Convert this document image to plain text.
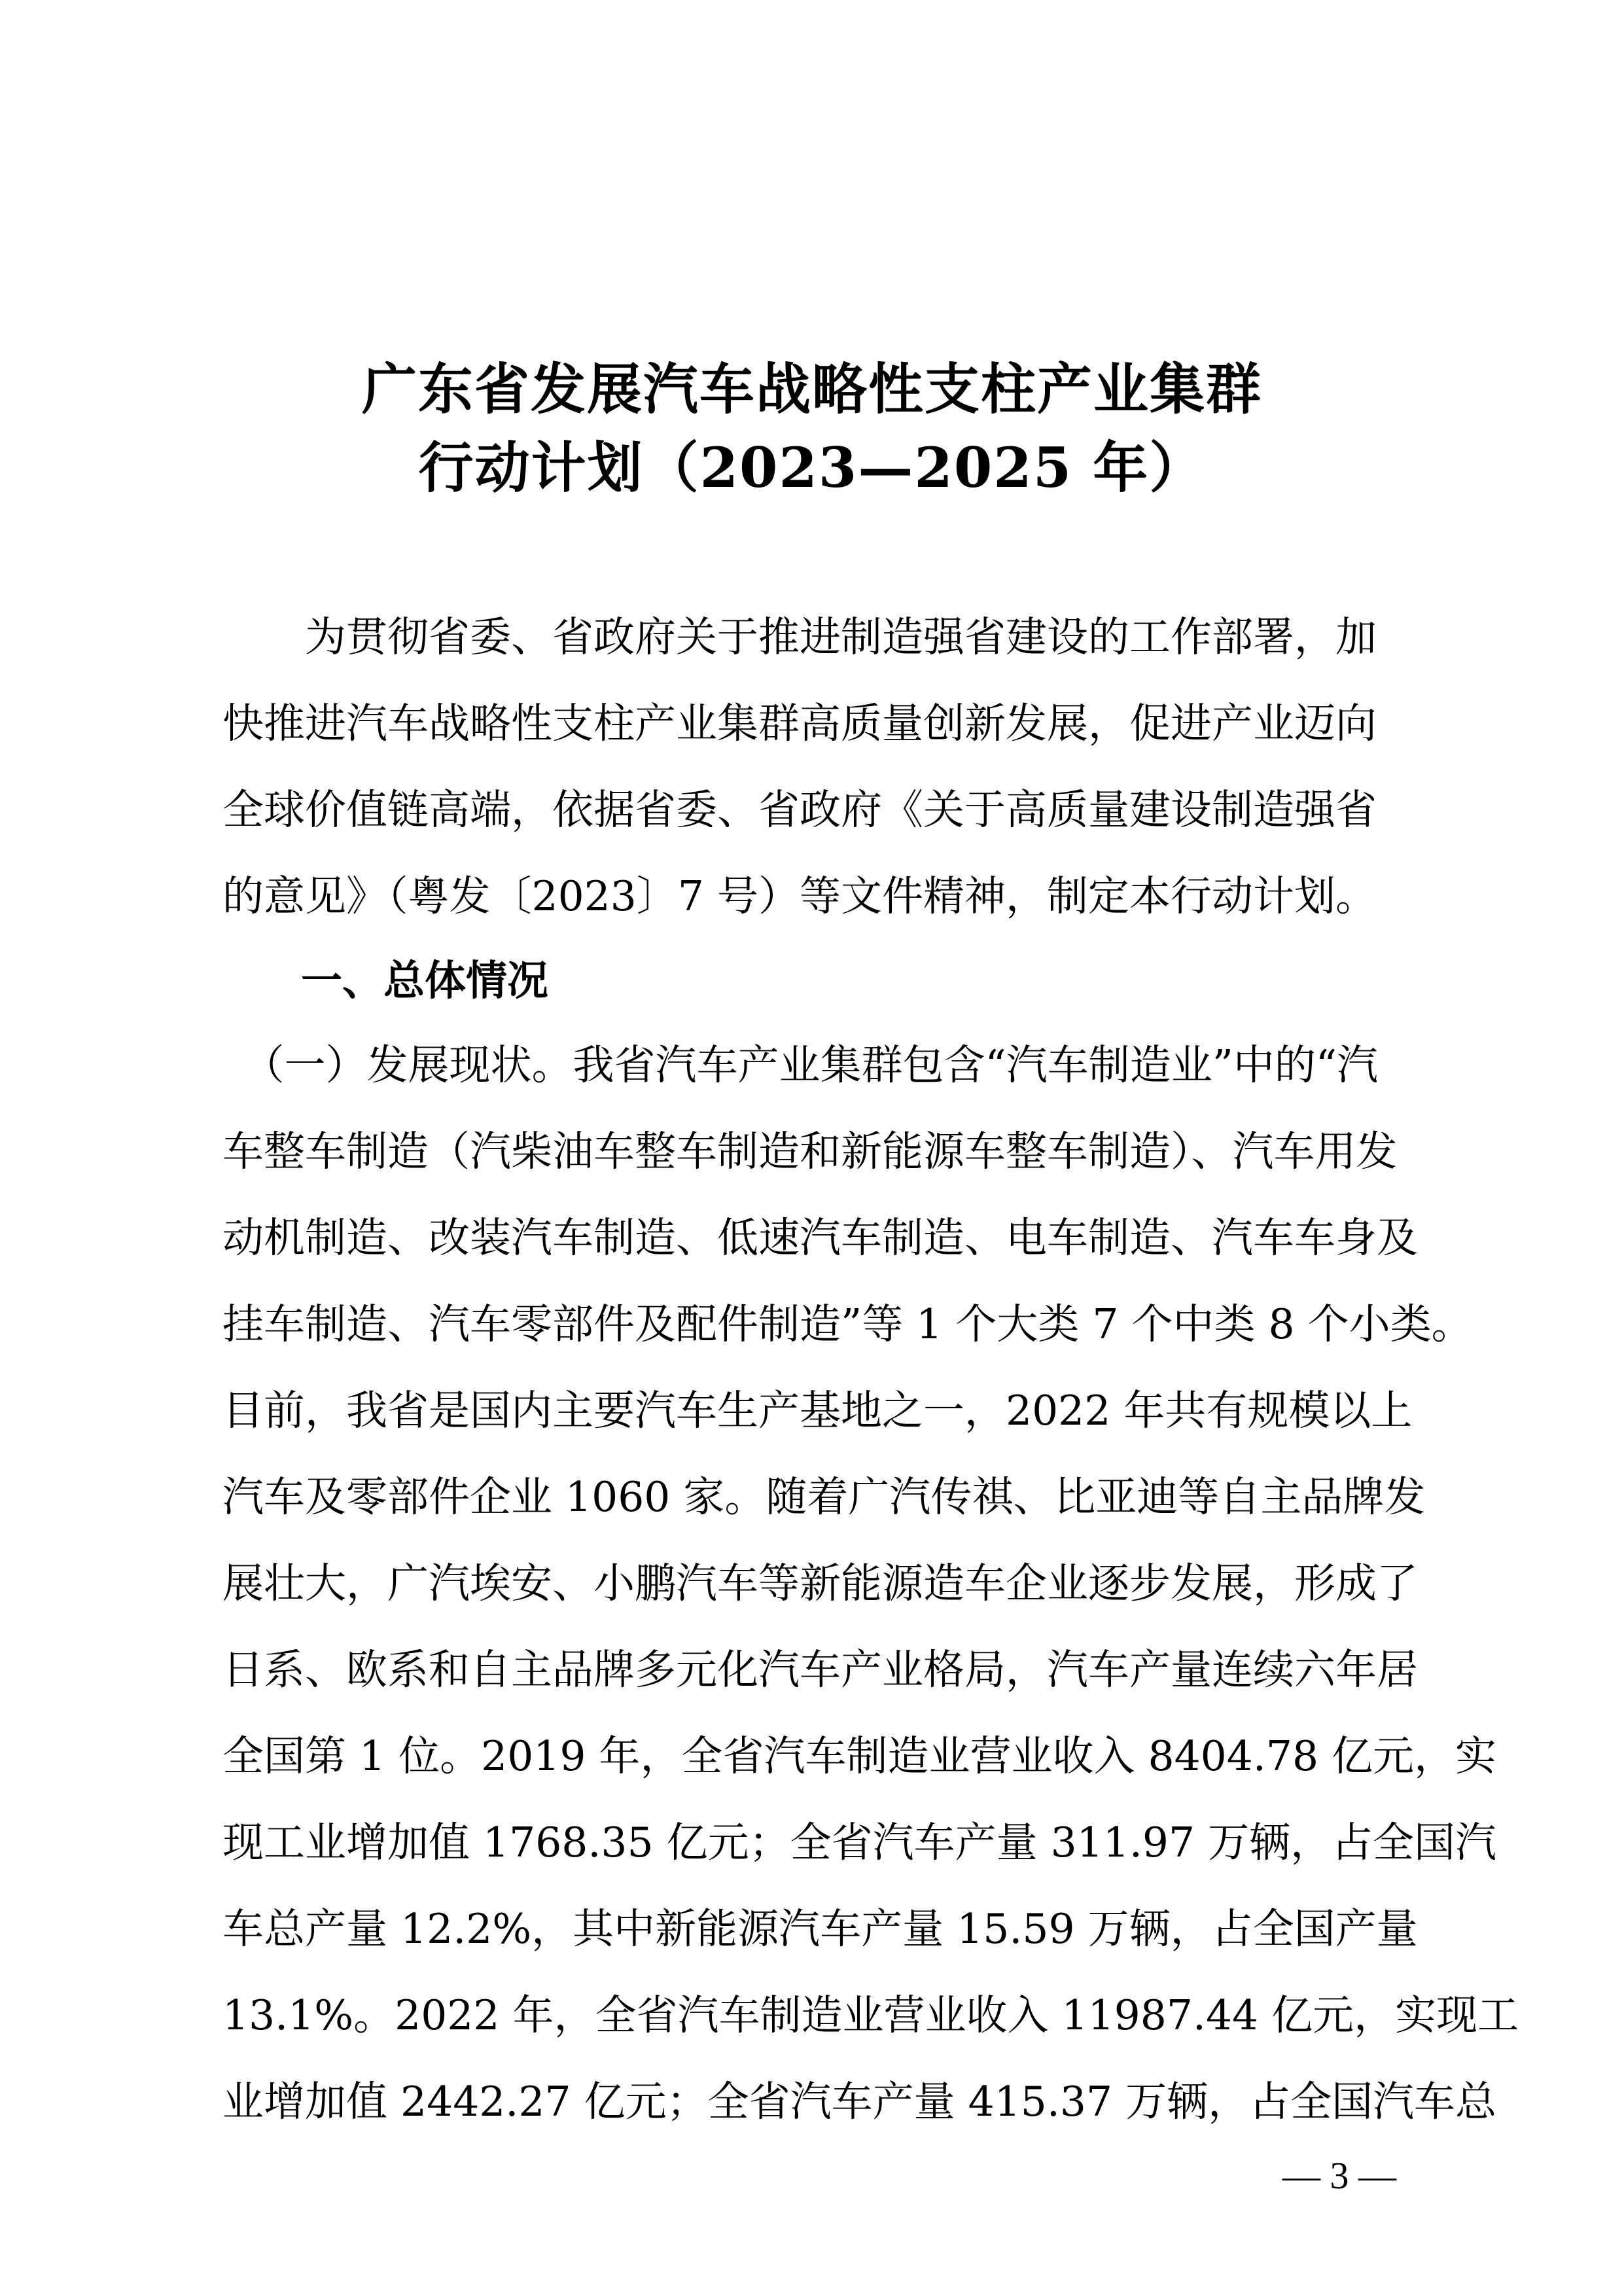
广东省发展汽车战略性支柱产业集群
行动计划（2023—2025 年）
　　为贯彻省委、省政府关于推进制造强省建设的工作部署，加
快推进汽车战略性支柱产业集群高质量创新发展，促进产业迈向
全球价值链高端，依据省委、省政府《关于高质量建设制造强省
的意见》（粤发〔2023〕7 号）等文件精神，制定本行动计划。
一、总体情况
　（一）发展现状。我省汽车产业集群包含“汽车制造业”中的“汽
车整车制造（汽柴油车整车制造和新能源车整车制造）、汽车用发
动机制造、改装汽车制造、低速汽车制造、电车制造、汽车车身及
挂车制造、汽车零部件及配件制造”等 1 个大类 7 个中类 8 个小类。
目前，我省是国内主要汽车生产基地之一，2022 年共有规模以上
汽车及零部件企业 1060 家。随着广汽传祺、比亚迪等自主品牌发
展壮大，广汽埃安、小鹏汽车等新能源造车企业逐步发展，形成了
日系、欧系和自主品牌多元化汽车产业格局，汽车产量连续六年居
全国第 1 位。2019 年，全省汽车制造业营业收入 8404.78 亿元，实
现工业增加值 1768.35 亿元；全省汽车产量 311.97 万辆，占全国汽
车总产量 12.2%，其中新能源汽车产量 15.59 万辆，占全国产量
13.1%。2022 年，全省汽车制造业营业收入 11987.44 亿元，实现工
业增加值 2442.27 亿元；全省汽车产量 415.37 万辆，占全国汽车总
— 3 —
